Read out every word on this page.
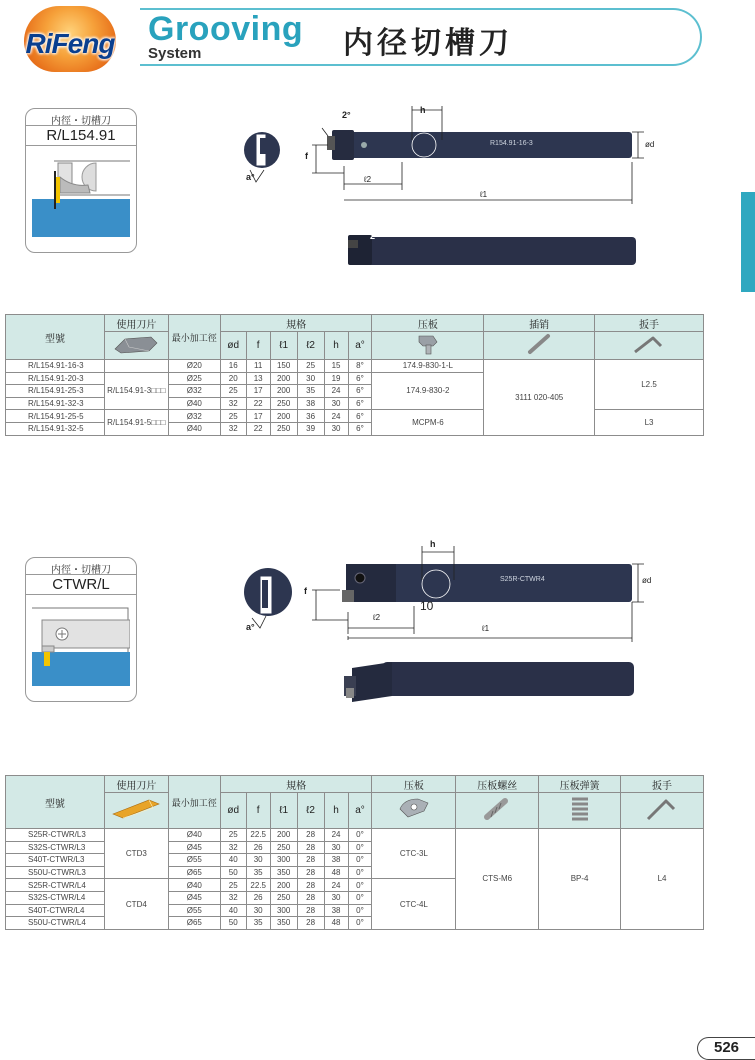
RiFeng Grooving
System	内径切槽刀
内徑・切槽刀
R/L154.91
2°	h
f
a°	ℓ2
ℓ1
ød
R154.91-16-3
2°
型號	使用刀片	最小加工徑	規格						压板	插销	扳手
	ød	f	ℓ1	ℓ2	h	a°			
R/L154.91-16-3		Ø20	16	11	150	25	15	8°	174.9-830-1-L	3111 020-405	L2.5
R/L154.91-20-3	R/L154.91-3□□□	Ø25	20	13	200	30	19	6°	174.9-830-2		
R/L154.91-25-3		Ø32	25	17	200	35	24	6°			
R/L154.91-32-3		Ø40	32	22	250	38	30	6°			
R/L154.91-25-5	R/L154.91-5□□□	Ø32	25	17	200	36	24	6°	MCPM-6		L3
R/L154.91-32-5		Ø40	32	22	250	39	30	6°			
内徑・切槽刀
CTWR/L
h
f
a°
ℓ2
ℓ1
ød
10
S25R-CTWR4
型號	使用刀片	最小加工徑	規格						压板	压板螺丝	压板弹簧	扳手
	ød	f	ℓ1	ℓ2	h	a°				
S25R-CTWR/L3	CTD3	Ø40	25	22.5	200	28	24	0°	CTC-3L	CTS-M6	BP-4	L4
S32S-CTWR/L3		Ø45	32	26	250	28	30	0°				
S40T-CTWR/L3		Ø55	40	30	300	28	38	0°				
S50U-CTWR/L3		Ø65	50	35	350	28	48	0°				
S25R-CTWR/L4	CTD4	Ø40	25	22.5	200	28	24	0°	CTC-4L			
S32S-CTWR/L4		Ø45	32	26	250	28	30	0°				
S40T-CTWR/L4		Ø55	40	30	300	28	38	0°				
S50U-CTWR/L4		Ø65	50	35	350	28	48	0°				
526
